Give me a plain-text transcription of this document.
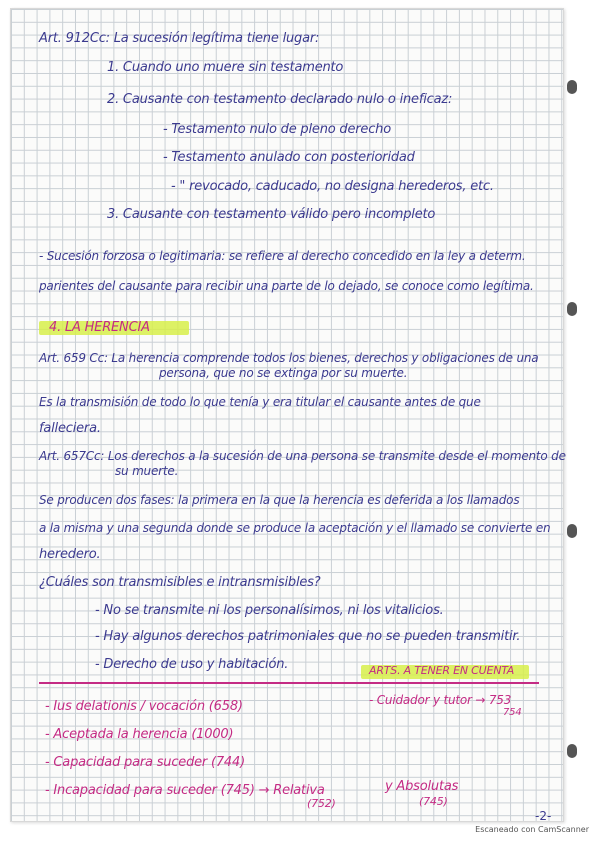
Art. 912Cc: La sucesión legítima tiene lugar:
1. Cuando uno muere sin testamento
2. Causante con testamento declarado nulo o ineficaz:
- Testamento nulo de pleno derecho
- Testamento anulado con posterioridad
- " revocado, caducado, no designa herederos, etc.
3. Causante con testamento válido pero incompleto
- Sucesión forzosa o legitimaria: se refiere al derecho concedido en la ley a determ.
parientes del causante para recibir una parte de lo dejado, se conoce como legítima.
4. LA HERENCIA
Art. 659 Cc: La herencia comprende todos los bienes, derechos y obligaciones de una
persona, que no se extinga por su muerte.
Es la transmisión de todo lo que tenía y era titular el causante antes de que
falleciera.
Art. 657Cc: Los derechos a la sucesión de una persona se transmite desde el momento de
su muerte.
Se producen dos fases: la primera en la que la herencia es deferida a los llamados
a la misma y una segunda donde se produce la aceptación y el llamado se convierte en
heredero.
¿Cuáles son transmisibles e intransmisibles?
- No se transmite ni los personalísimos, ni los vitalicios.
- Hay algunos derechos patrimoniales que no se pueden transmitir.
- Derecho de uso y habitación.	ARTS. A TENER EN CUENTA
- Ius delationis / vocación (658)	- Cuidador y tutor → 753
754
- Aceptada la herencia (1000)
- Capacidad para suceder (744)
- Incapacidad para suceder (745) → Relativa
(752)
y Absolutas
(745)
-2-
Escaneado con CamScanner
